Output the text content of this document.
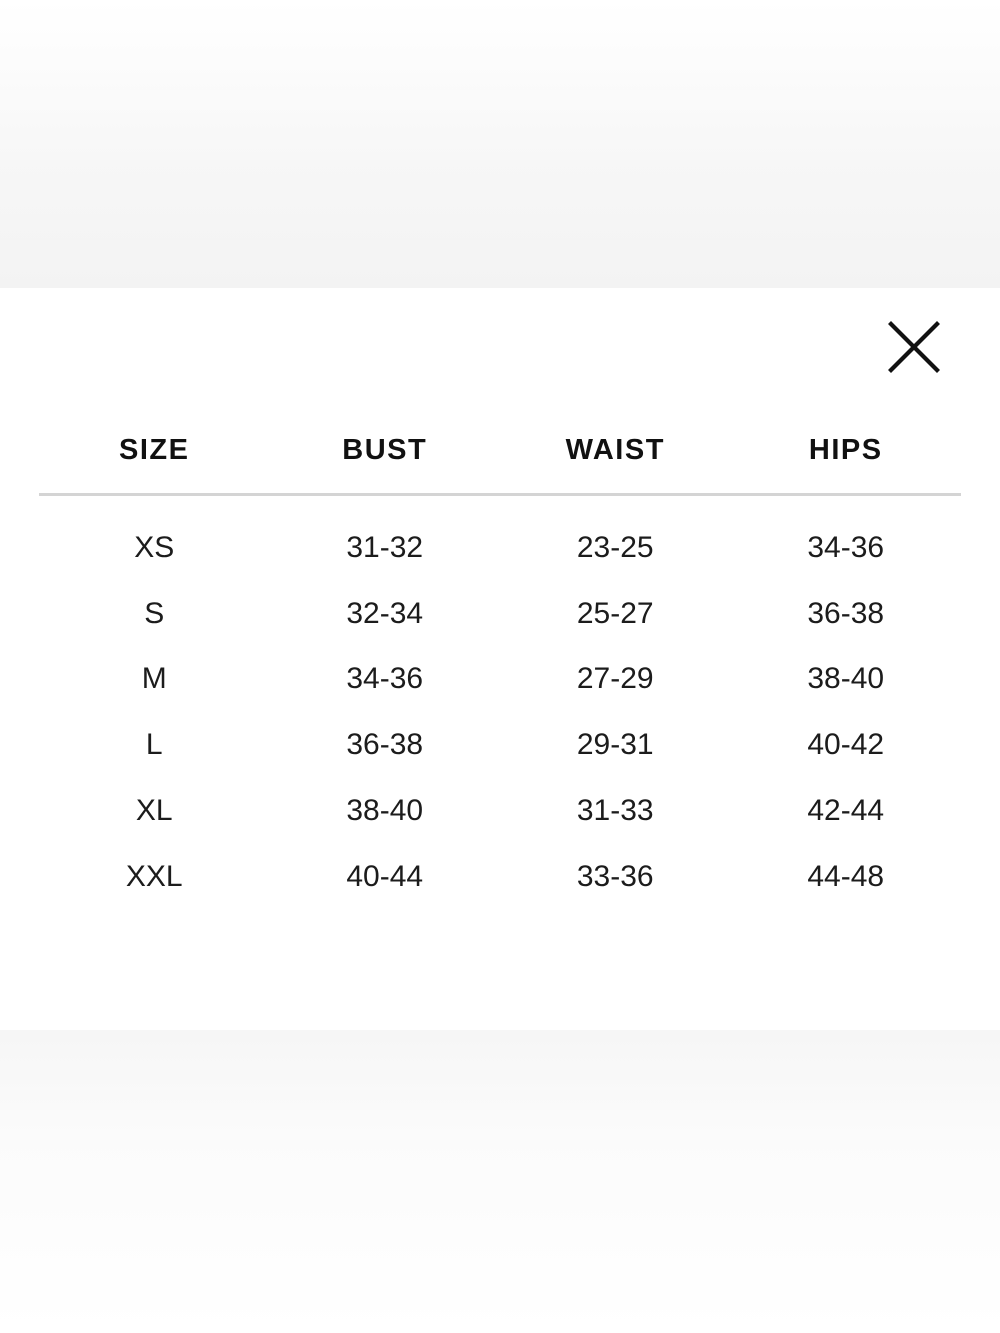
SIZE	BUST	WAIST	HIPS
XS	31-32	23-25	34-36
S	32-34	25-27	36-38
M	34-36	27-29	38-40
L	36-38	29-31	40-42
XL	38-40	31-33	42-44
XXL	40-44	33-36	44-48
